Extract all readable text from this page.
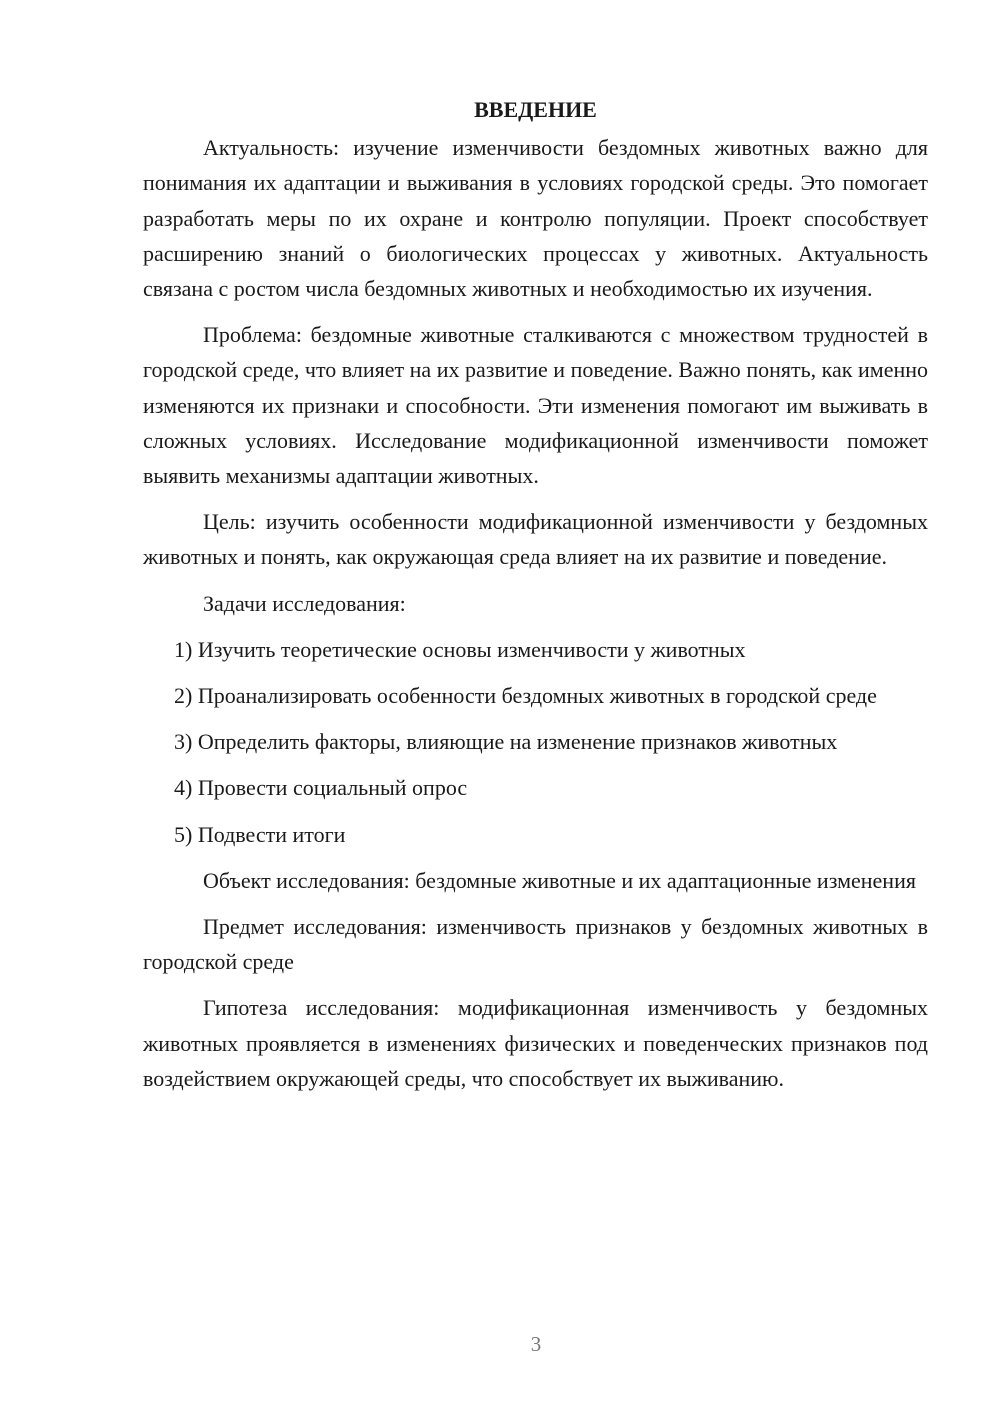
ВВЕДЕНИЕ

Актуальность: изучение изменчивости бездомных животных важно для понимания их адаптации и выживания в условиях городской среды. Это помогает разработать меры по их охране и контролю популяции. Проект способствует расширению знаний о биологических процессах у животных. Актуальность связана с ростом числа бездомных животных и необходимостью их изучения.

Проблема: бездомные животные сталкиваются с множеством трудностей в городской среде, что влияет на их развитие и поведение. Важно понять, как именно изменяются их признаки и способности. Эти изменения помогают им выживать в сложных условиях. Исследование модификационной изменчивости поможет выявить механизмы адаптации животных.

Цель: изучить особенности модификационной изменчивости у бездомных животных и понять, как окружающая среда влияет на их развитие и поведение.

Задачи исследования:

1) Изучить теоретические основы изменчивости у животных

2) Проанализировать особенности бездомных животных в городской среде

3) Определить факторы, влияющие на изменение признаков животных

4) Провести социальный опрос

5) Подвести итоги

Объект исследования: бездомные животные и их адаптационные изменения

Предмет исследования: изменчивость признаков у бездомных животных в городской среде

Гипотеза исследования: модификационная изменчивость у бездомных животных проявляется в изменениях физических и поведенческих признаков под воздействием окружающей среды, что способствует их выживанию.

3
